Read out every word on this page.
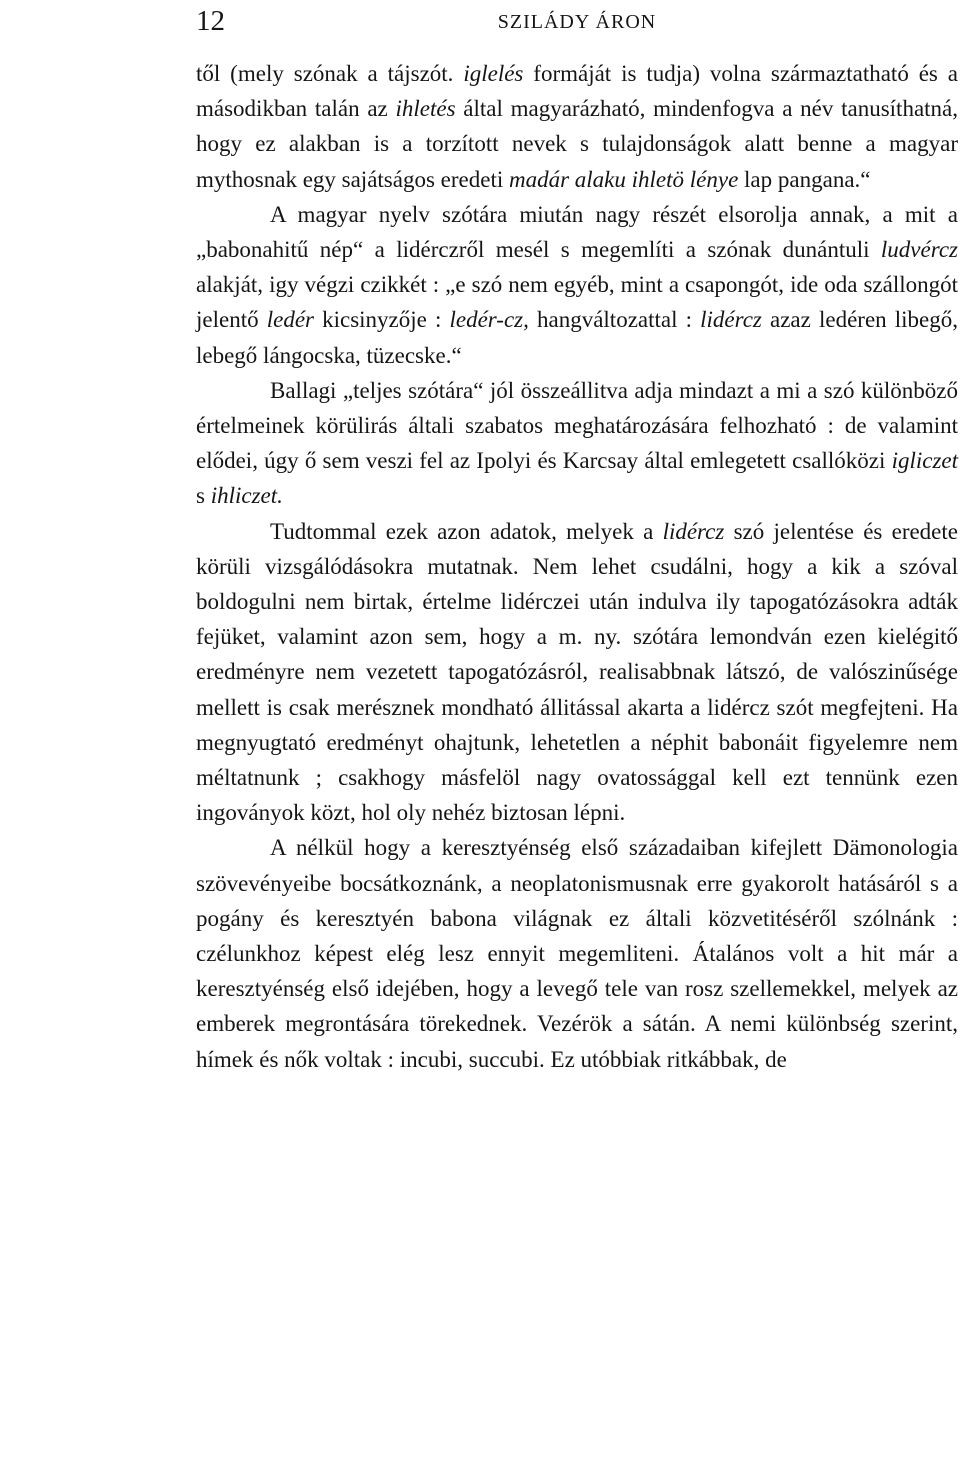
12	SZILÁDY ÁRON

től (mely szónak a tájszót. iglelés formáját is tudja) volna származtatható és a másodikban talán az ihletés által magyarázható, mindenfogva a név tanusíthatná, hogy ez alakban is a torzított nevek s tulajdonságok alatt benne a magyar mythosnak egy sajátságos eredeti madár alaku ihletö lénye lap pangana.“

A magyar nyelv szótára miután nagy részét elsorolja annak, a mit a „babonahitű nép“ a lidérczről mesél s megemlíti a szónak dunántuli ludvércz alakját, igy végzi czikkét : „e szó nem egyéb, mint a csapongót, ide oda szállongót jelentő ledér kicsinyzője : ledér-cz, hangváltozattal : lidércz azaz ledéren libegő, lebegő lángocska, tüzecske.“

Ballagi „teljes szótára“ jól összeállitva adja mindazt a mi a szó különböző értelmeinek körülirás általi szabatos meghatározására felhozható : de valamint elődei, úgy ő sem veszi fel az Ipolyi és Karcsay által emlegetett csallóközi igliczet s ihliczet.

Tudtommal ezek azon adatok, melyek a lidércz szó jelentése és eredete körüli vizsgálódásokra mutatnak. Nem lehet csudálni, hogy a kik a szóval boldogulni nem birtak, értelme lidérczei után indulva ily tapogatózásokra adták fejüket, valamint azon sem, hogy a m. ny. szótára lemondván ezen kielégitő eredményre nem vezetett tapogatózásról, realisabbnak látszó, de valószinűsége mellett is csak merésznek mondható állitással akarta a lidércz szót megfejteni. Ha megnyugtató eredményt ohajtunk, lehetetlen a néphit babonáit figyelemre nem méltatnunk ; csakhogy másfelöl nagy ovatossággal kell ezt tennünk ezen ingoványok közt, hol oly nehéz biztosan lépni.

A nélkül hogy a keresztyénség első századaiban kifejlett Dämonologia szövevényeibe bocsátkoznánk, a neoplatonismusnak erre gyakorolt hatásáról s a pogány és keresztyén babona világnak ez általi közvetitéséről szólnánk : czélunkhoz képest elég lesz ennyit megemliteni. Átalános volt a hit már a keresztyénség első idejében, hogy a levegő tele van rosz szellemekkel, melyek az emberek megrontására törekednek. Vezérök a sátán. A nemi különbség szerint, hímek és nők voltak : incubi, succubi. Ez utóbbiak ritkábbak, de
